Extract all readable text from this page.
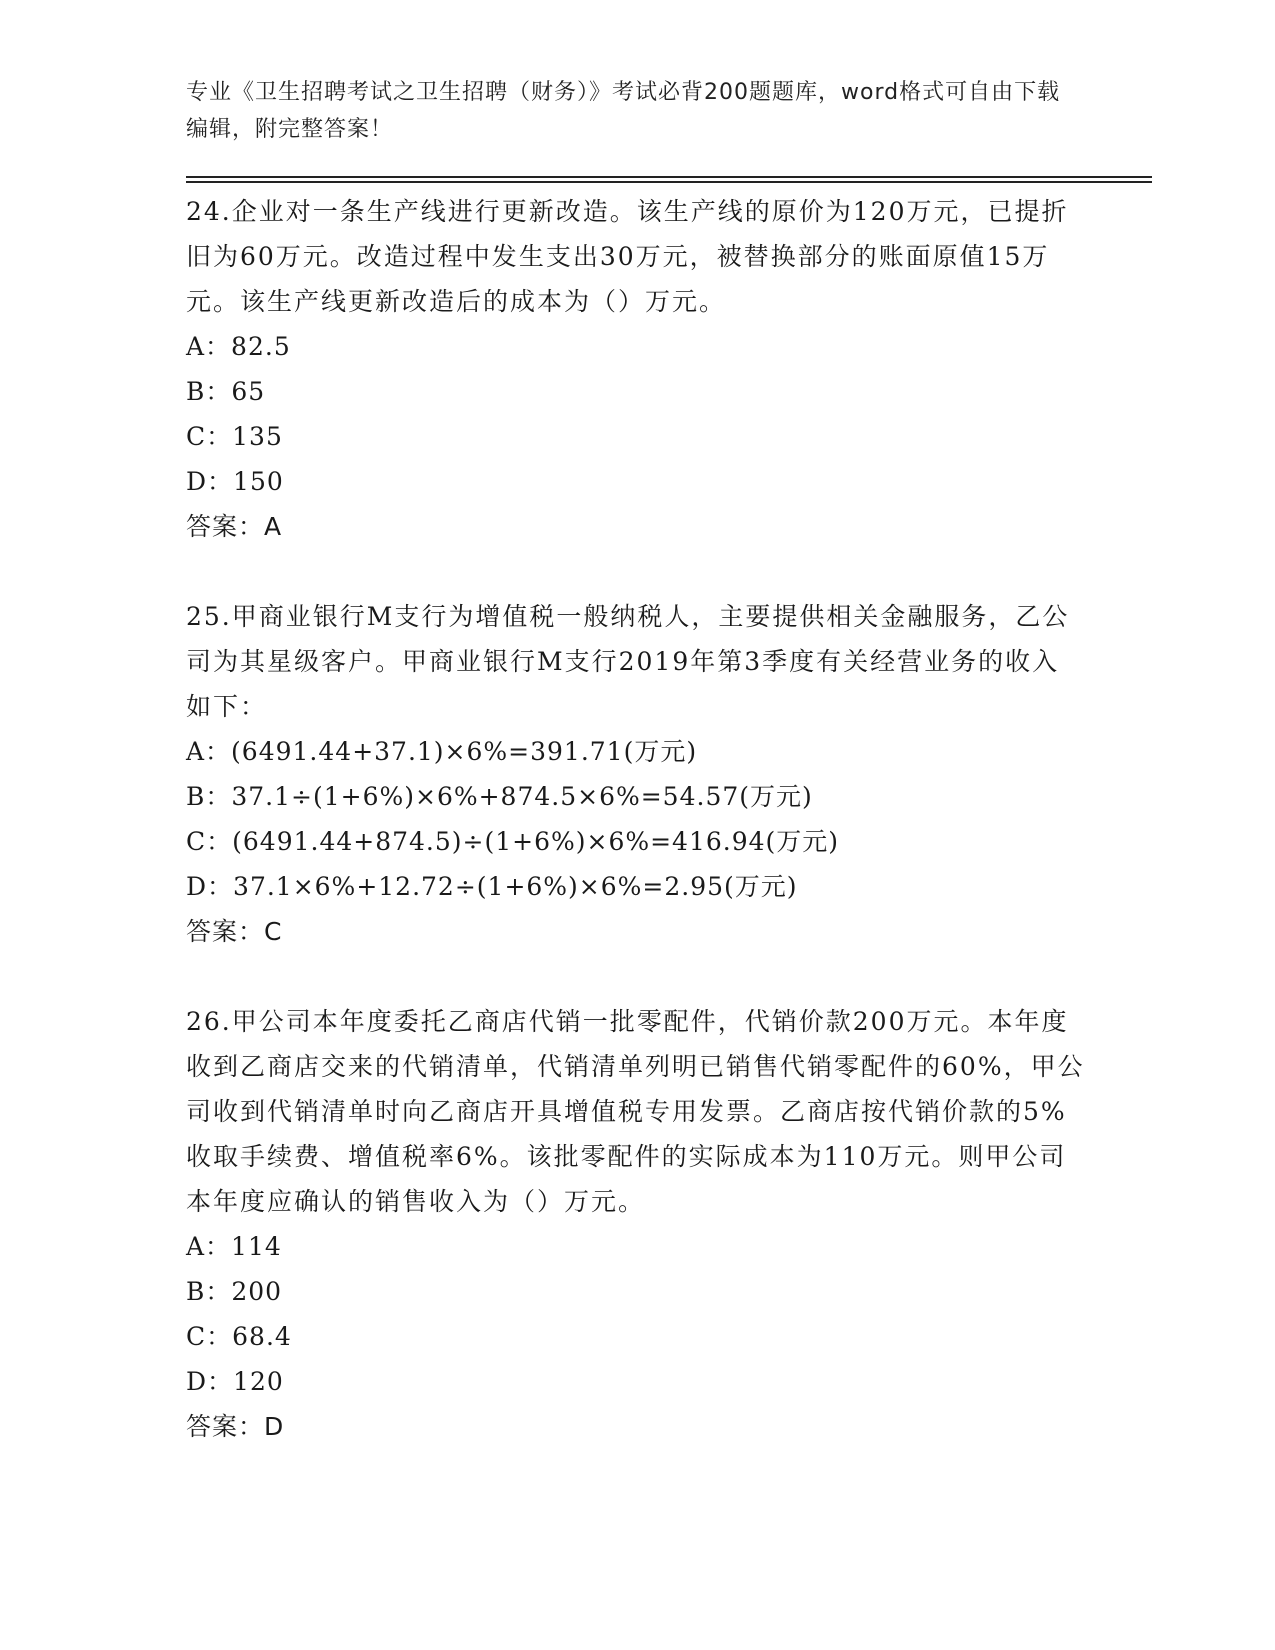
专业《卫生招聘考试之卫生招聘（财务）》考试必背200题题库，word格式可自由下载编辑，附完整答案！

24.企业对一条生产线进行更新改造。该生产线的原价为120万元，已提折旧为60万元。改造过程中发生支出30万元，被替换部分的账面原值15万元。该生产线更新改造后的成本为（）万元。

A：82.5

B：65

C：135

D：150

答案：A

25.甲商业银行M支行为增值税一般纳税人，主要提供相关金融服务，乙公司为其星级客户。甲商业银行M支行2019年第3季度有关经营业务的收入如下：

A：(6491.44+37.1)×6%=391.71(万元)

B：37.1÷(1+6%)×6%+874.5×6%=54.57(万元)

C：(6491.44+874.5)÷(1+6%)×6%=416.94(万元)

D：37.1×6%+12.72÷(1+6%)×6%=2.95(万元)

答案：C

26.甲公司本年度委托乙商店代销一批零配件，代销价款200万元。本年度收到乙商店交来的代销清单，代销清单列明已销售代销零配件的60%，甲公司收到代销清单时向乙商店开具增值税专用发票。乙商店按代销价款的5%收取手续费、增值税率6%。该批零配件的实际成本为110万元。则甲公司本年度应确认的销售收入为（）万元。

A：114

B：200

C：68.4

D：120

答案：D
